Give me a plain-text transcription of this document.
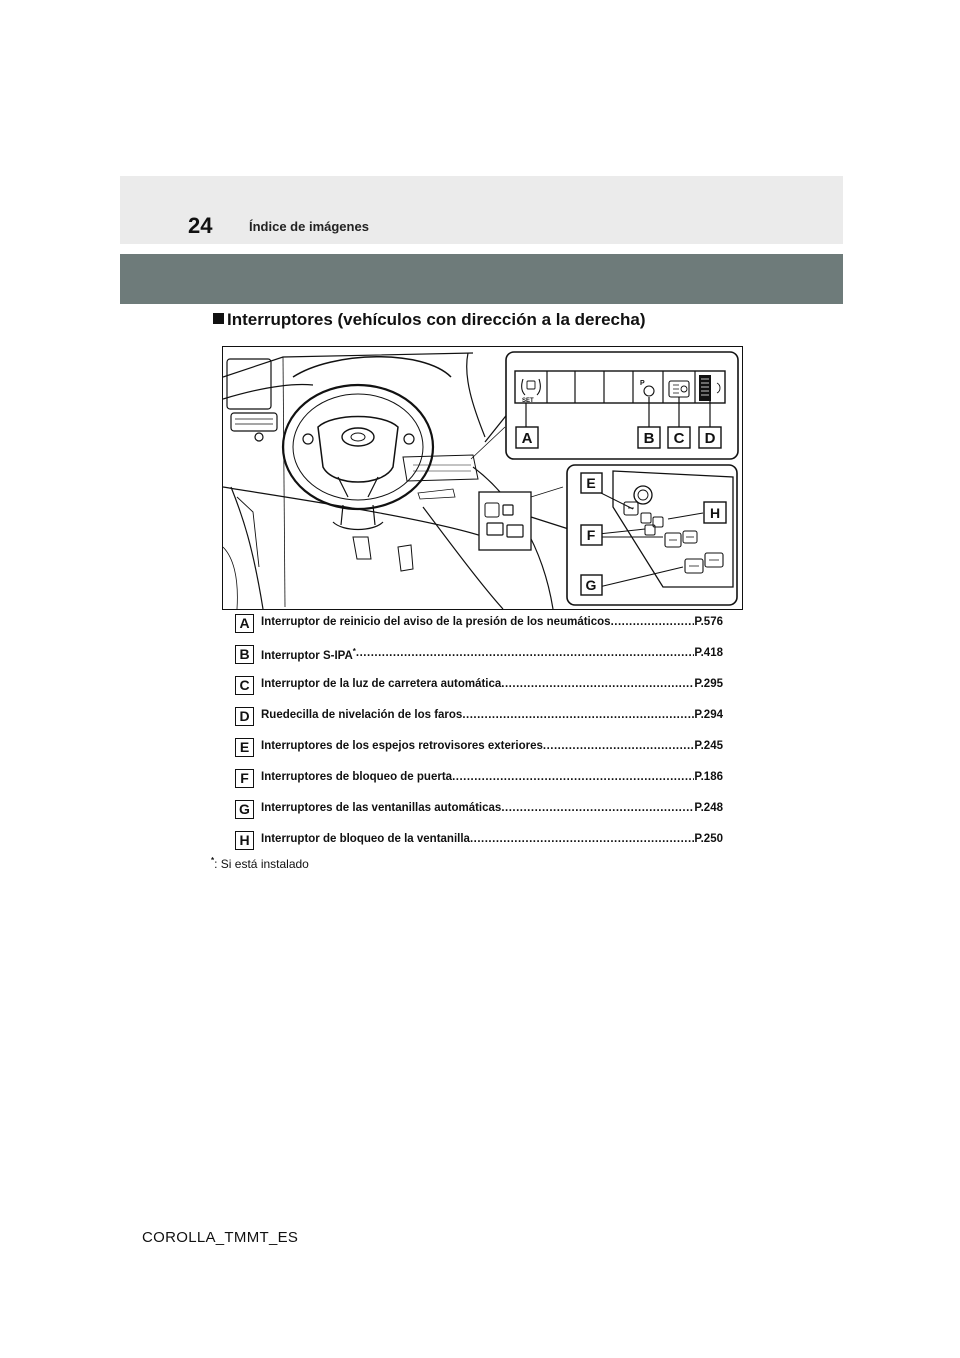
24	Índice de imágenes
Interruptores (vehículos con dirección a la derecha)
SET
P
A	B C D
E
F
G
H
A Interruptor de reinicio del aviso de la presión de los neumáticos .....	P.576
B Interruptor S-IPA* .....	P.418
C Interruptor de la luz de carretera automática .....	P.295
D Ruedecilla de nivelación de los faros .....	P.294
E	Interruptores de los espejos retrovisores exteriores .....	P.245
F	Interruptores de bloqueo de puerta .....	P.186
G Interruptores de las ventanillas automáticas .....	P.248
H Interruptor de bloqueo de la ventanilla .....	P.250
*: Si está instalado
COROLLA_TMMT_ES
